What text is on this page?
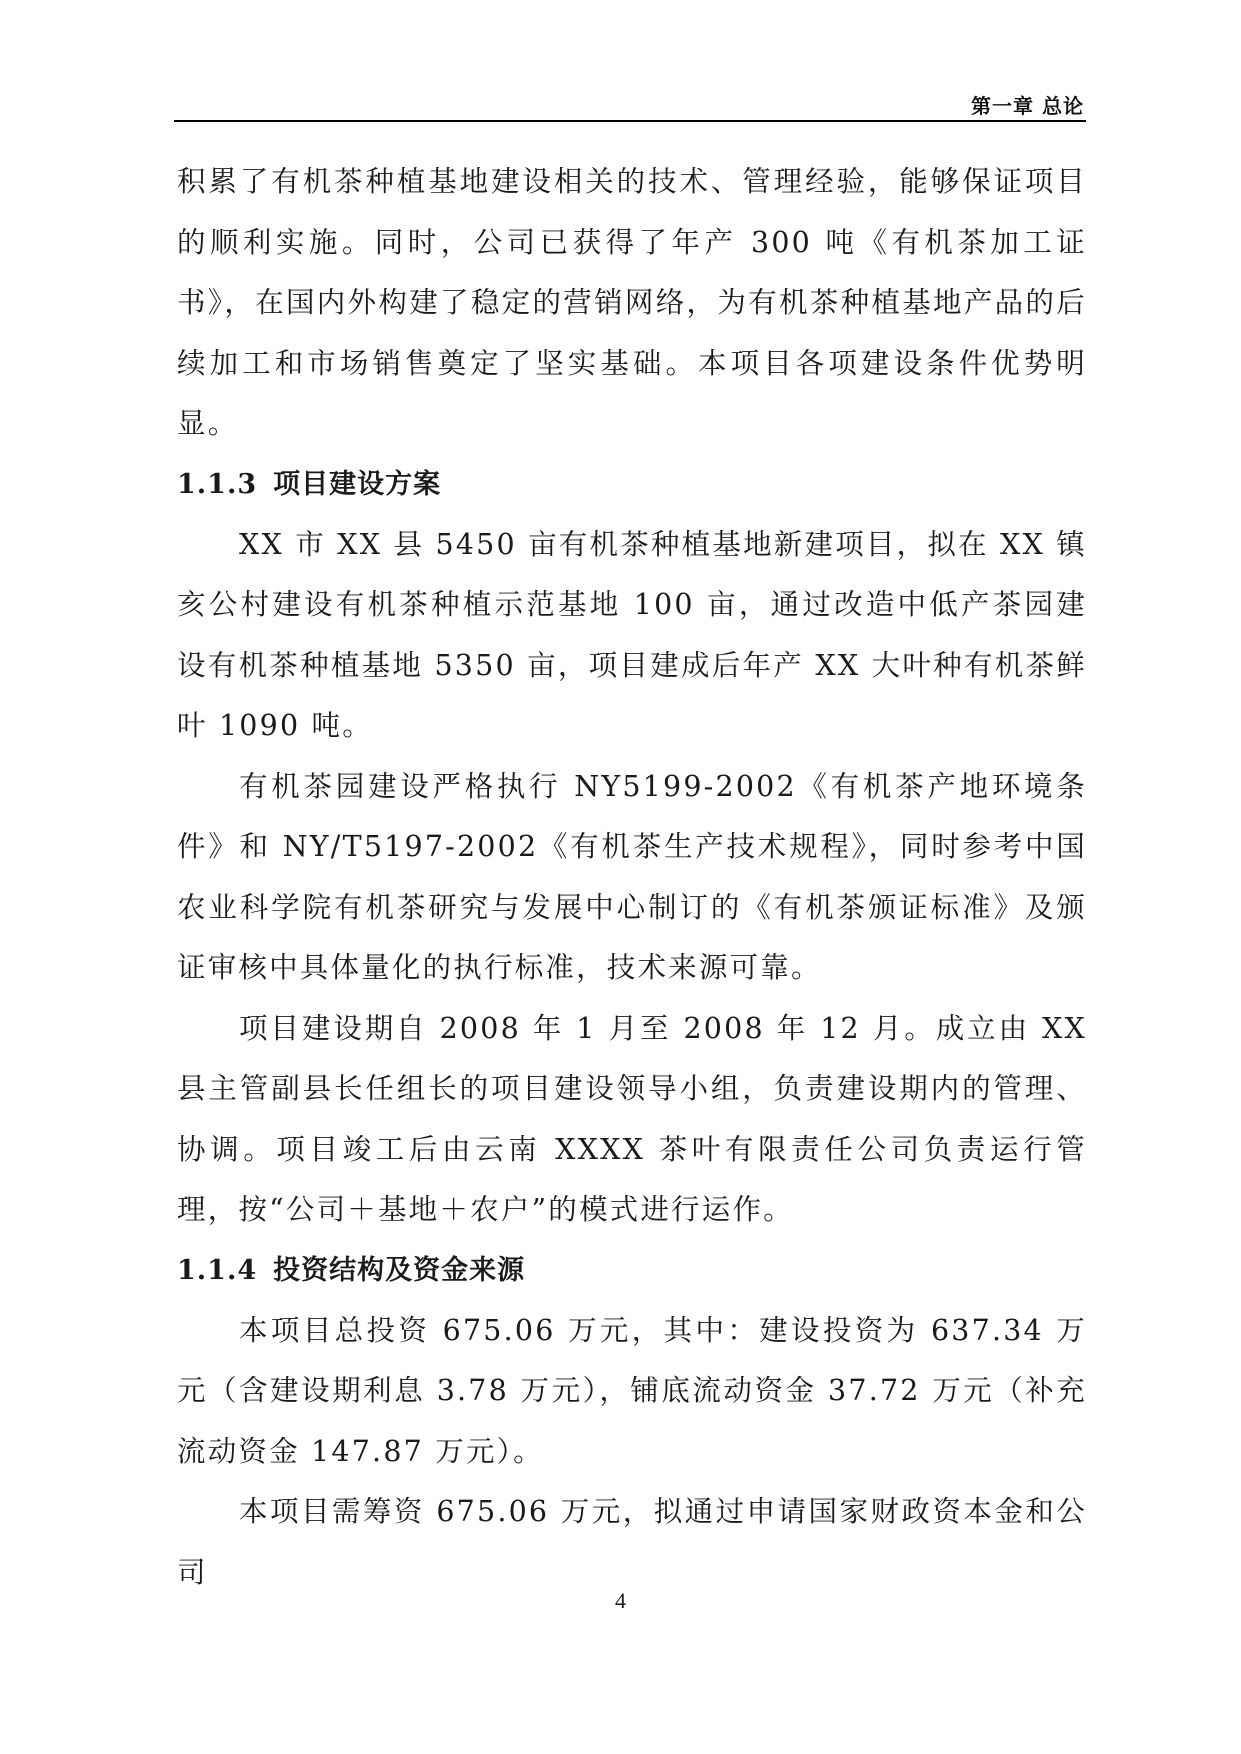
第一章 总论

积累了有机茶种植基地建设相关的技术、管理经验，能够保证项目的顺利实施。同时，公司已获得了年产 300 吨《有机茶加工证书》，在国内外构建了稳定的营销网络，为有机茶种植基地产品的后续加工和市场销售奠定了坚实基础。本项目各项建设条件优势明显。

1.1.3 项目建设方案

XX 市 XX 县 5450 亩有机茶种植基地新建项目，拟在 XX 镇亥公村建设有机茶种植示范基地 100 亩，通过改造中低产茶园建设有机茶种植基地 5350 亩，项目建成后年产 XX 大叶种有机茶鲜叶 1090 吨。

有机茶园建设严格执行 NY5199-2002《有机茶产地环境条件》和 NY/T5197-2002《有机茶生产技术规程》，同时参考中国农业科学院有机茶研究与发展中心制订的《有机茶颁证标准》及颁证审核中具体量化的执行标准，技术来源可靠。

项目建设期自 2008 年 1 月至 2008 年 12 月。成立由 XX 县主管副县长任组长的项目建设领导小组，负责建设期内的管理、协调。项目竣工后由云南 XXXX 茶叶有限责任公司负责运行管理，按“公司＋基地＋农户”的模式进行运作。

1.1.4 投资结构及资金来源

本项目总投资 675.06 万元，其中：建设投资为 637.34 万元（含建设期利息 3.78 万元），铺底流动资金 37.72 万元（补充流动资金 147.87 万元）。

本项目需筹资 675.06 万元，拟通过申请国家财政资本金和公司

4
